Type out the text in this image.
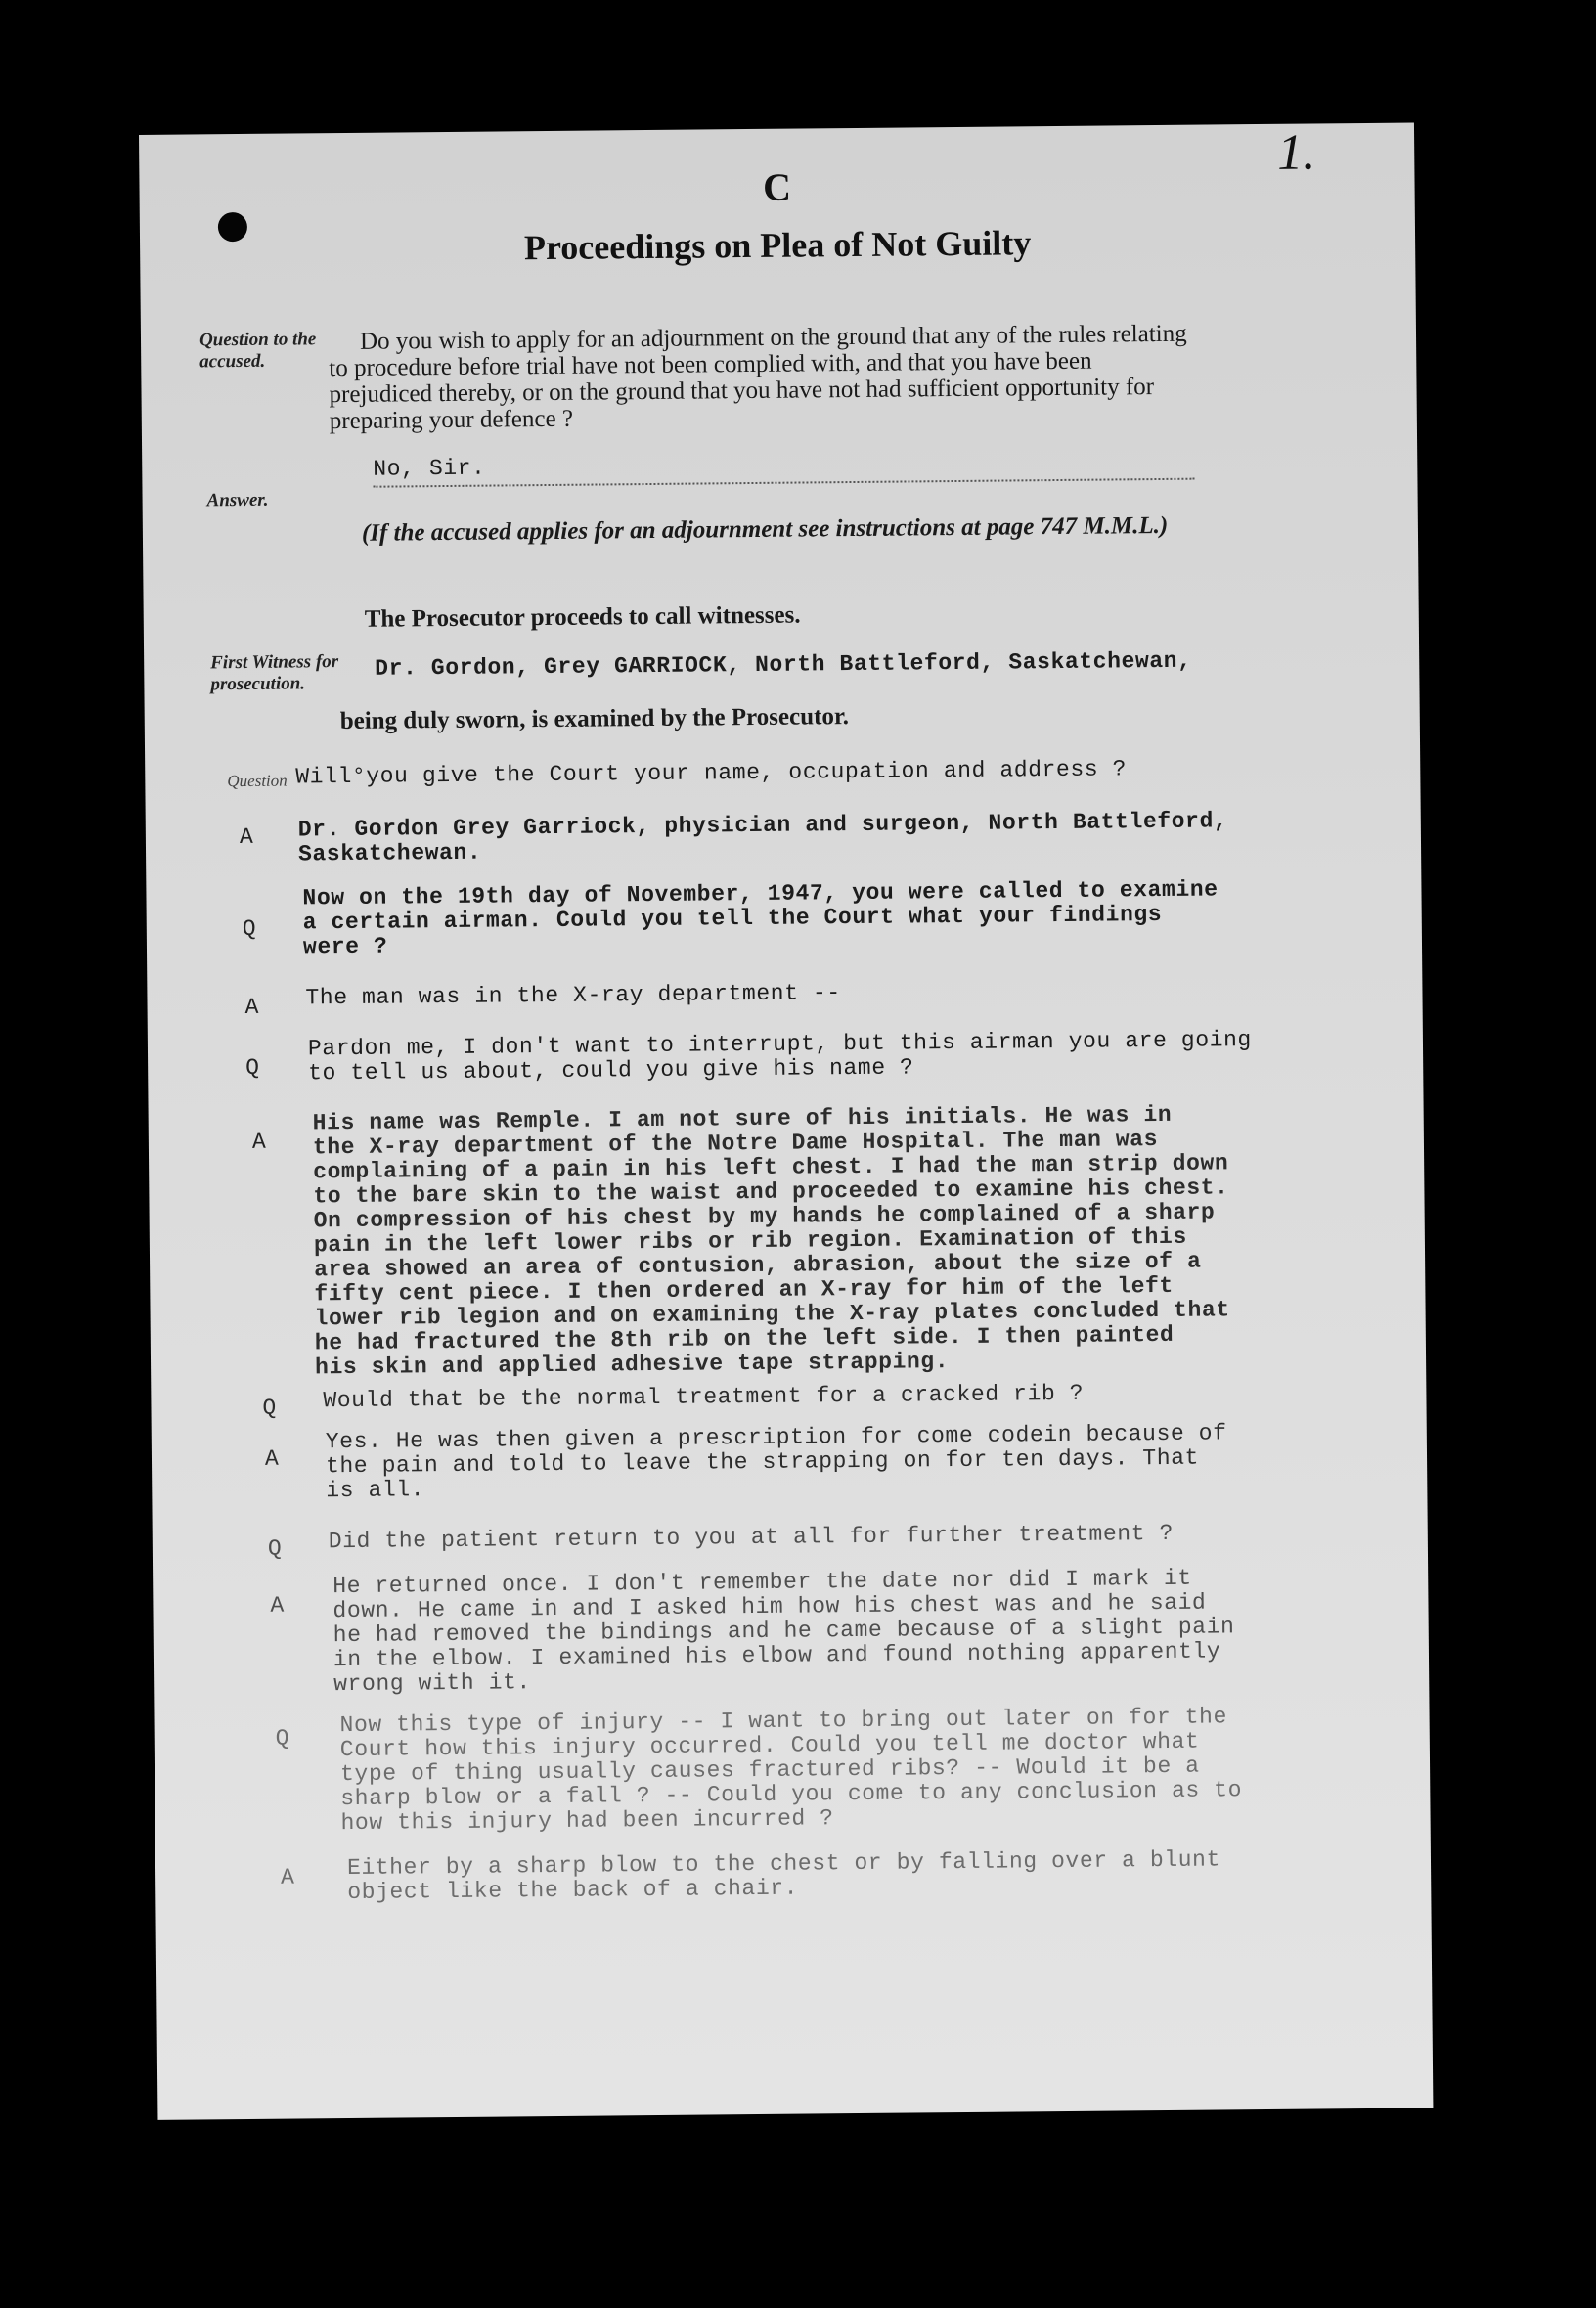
1.
C
Proceedings on Plea of Not Guilty
Question to the accused.
Do you wish to apply for an adjournment on the ground that any of the rules relating to procedure before trial have not been complied with, and that you have been prejudiced thereby, or on the ground that you have not had sufficient opportunity for preparing your defence ?
Answer.
No, Sir.
(If the accused applies for an adjournment see instructions at page 747 M.M.L.)
The Prosecutor proceeds to call witnesses.
First Witness for prosecution.
Dr. Gordon, Grey GARRIOCK, North Battleford, Saskatchewan,
being duly sworn, is examined by the Prosecutor.
Question Will°you give the Court your name, occupation and address ?
A Dr. Gordon Grey Garriock, physician and surgeon, North Battleford,
Saskatchewan.
Q
Now on the 19th day of November, 1947, you were called to examine
a certain airman. Could you tell the Court what your findings
were ?
A The man was in the X-ray department --
Q
Pardon me, I don't want to interrupt, but this airman you are going
to tell us about, could you give his name ?
A
His name was Remple. I am not sure of his initials. He was in
the X-ray department of the Notre Dame Hospital. The man was
complaining of a pain in his left chest. I had the man strip down
to the bare skin to the waist and proceeded to examine his chest.
On compression of his chest by my hands he complained of a sharp
pain in the left lower ribs or rib region. Examination of this
area showed an area of contusion, abrasion, about the size of a
fifty cent piece. I then ordered an X-ray for him of the left
lower rib legion and on examining the X-ray plates concluded that
he had fractured the 8th rib on the left side. I then painted
his skin and applied adhesive tape strapping.
Q Would that be the normal treatment for a cracked rib ?
A
Yes. He was then given a prescription for come codein because of
the pain and told to leave the strapping on for ten days. That
is all.
Q Did the patient return to you at all for further treatment ?
A
He returned once. I don't remember the date nor did I mark it
down. He came in and I asked him how his chest was and he said
he had removed the bindings and he came because of a slight pain
in the elbow. I examined his elbow and found nothing apparently
wrong with it.
Q
Now this type of injury -- I want to bring out later on for the
Court how this injury occurred. Could you tell me doctor what
type of thing usually causes fractured ribs? -- Would it be a
sharp blow or a fall ? -- Could you come to any conclusion as to
how this injury had been incurred ?
A Either by a sharp blow to the chest or by falling over a blunt
object like the back of a chair.
